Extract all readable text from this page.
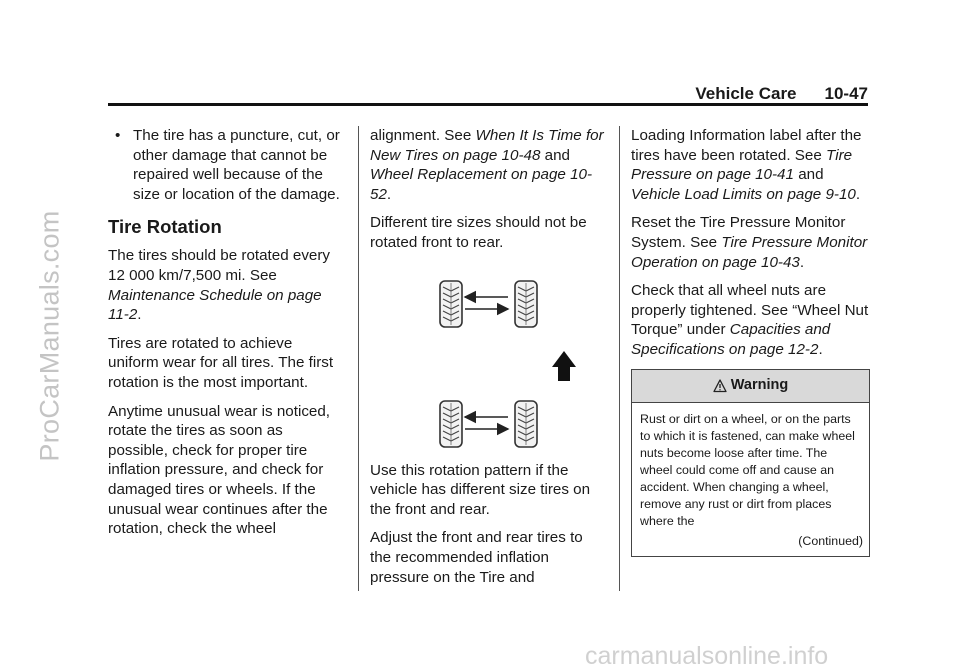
ProCarManuals.com
carmanualsonline.info
Vehicle Care 10-47
• The tire has a puncture, cut, or other damage that cannot be repaired well because of the size or location of the damage.
Tire Rotation

The tires should be rotated every 12 000 km/7,500 mi. See Maintenance Schedule on page 11-2.

Tires are rotated to achieve uniform wear for all tires. The first rotation is the most important.

Anytime unusual wear is noticed, rotate the tires as soon as possible, check for proper tire inflation pressure, and check for damaged tires or wheels. If the unusual wear continues after the rotation, check the wheel

alignment. See When It Is Time for New Tires on page 10-48 and Wheel Replacement on page 10-52.

Different tire sizes should not be rotated front to rear.

Use this rotation pattern if the vehicle has different size tires on the front and rear.

Adjust the front and rear tires to the recommended inflation pressure on the Tire and

Loading Information label after the tires have been rotated. See Tire Pressure on page 10-41 and Vehicle Load Limits on page 9-10.

Reset the Tire Pressure Monitor System. See Tire Pressure Monitor Operation on page 10-43.

Check that all wheel nuts are properly tightened. See “Wheel Nut Torque” under Capacities and Specifications on page 12-2.

Warning
Rust or dirt on a wheel, or on the parts to which it is fastened, can make wheel nuts become loose after time. The wheel could come off and cause an accident. When changing a wheel, remove any rust or dirt from places where the
(Continued)
